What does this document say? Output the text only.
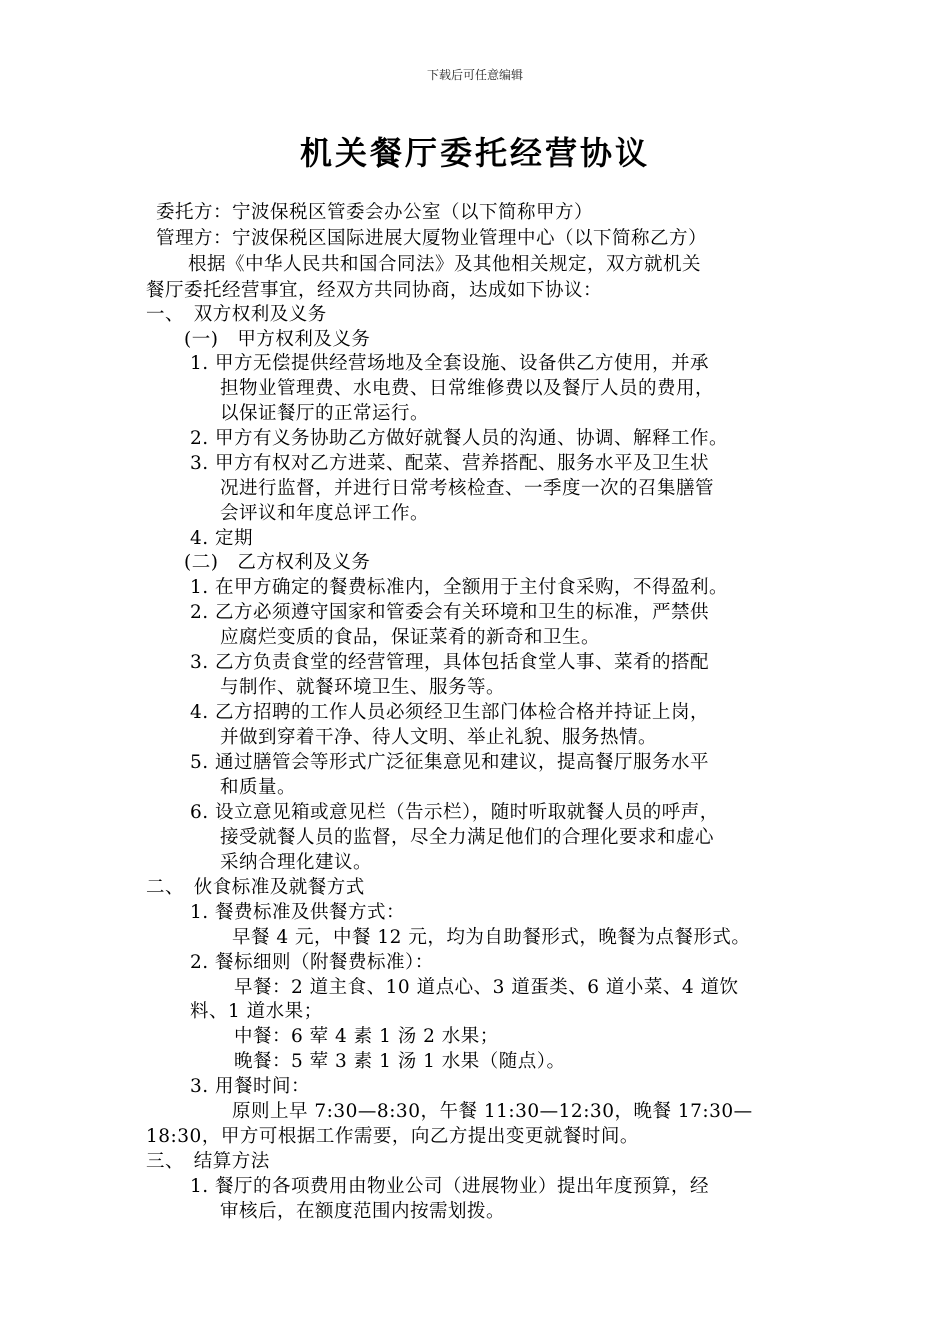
下载后可任意编辑
机关餐厅委托经营协议
委托方：宁波保税区管委会办公室（以下简称甲方）
管理方：宁波保税区国际进展大厦物业管理中心（以下简称乙方）
根据《中华人民共和国合同法》及其他相关规定，双方就机关
餐厅委托经营事宜，经双方共同协商，达成如下协议：
一、　双方权利及义务
(一)　甲方权利及义务
1. 甲方无偿提供经营场地及全套设施、设备供乙方使用，并承
担物业管理费、水电费、日常维修费以及餐厅人员的费用，
以保证餐厅的正常运行。
2. 甲方有义务协助乙方做好就餐人员的沟通、协调、解释工作。
3. 甲方有权对乙方进菜、配菜、营养搭配、服务水平及卫生状
况进行监督，并进行日常考核检查、一季度一次的召集膳管
会评议和年度总评工作。
4. 定期
(二)　乙方权利及义务
1. 在甲方确定的餐费标准内，全额用于主付食采购，不得盈利。
2. 乙方必须遵守国家和管委会有关环境和卫生的标准，严禁供
应腐烂变质的食品，保证菜肴的新奇和卫生。
3. 乙方负责食堂的经营管理，具体包括食堂人事、菜肴的搭配
与制作、就餐环境卫生、服务等。
4. 乙方招聘的工作人员必须经卫生部门体检合格并持证上岗，
并做到穿着干净、待人文明、举止礼貌、服务热情。
5. 通过膳管会等形式广泛征集意见和建议，提高餐厅服务水平
和质量。
6. 设立意见箱或意见栏（告示栏），随时听取就餐人员的呼声，
接受就餐人员的监督，尽全力满足他们的合理化要求和虚心
采纳合理化建议。
二、　伙食标准及就餐方式
1. 餐费标准及供餐方式：
早餐 4 元，中餐 12 元，均为自助餐形式，晚餐为点餐形式。
2. 餐标细则（附餐费标准）：
早餐：2 道主食、10 道点心、3 道蛋类、6 道小菜、4 道饮
料、1 道水果；
中餐：6 荤 4 素 1 汤 2 水果；
晚餐：5 荤 3 素 1 汤 1 水果（随点）。
3. 用餐时间：
原则上早 7:30—8:30，午餐 11:30—12:30，晚餐 17:30—
18:30，甲方可根据工作需要，向乙方提出变更就餐时间。
三、　结算方法
1. 餐厅的各项费用由物业公司（进展物业）提出年度预算，经
审核后，在额度范围内按需划拨。
